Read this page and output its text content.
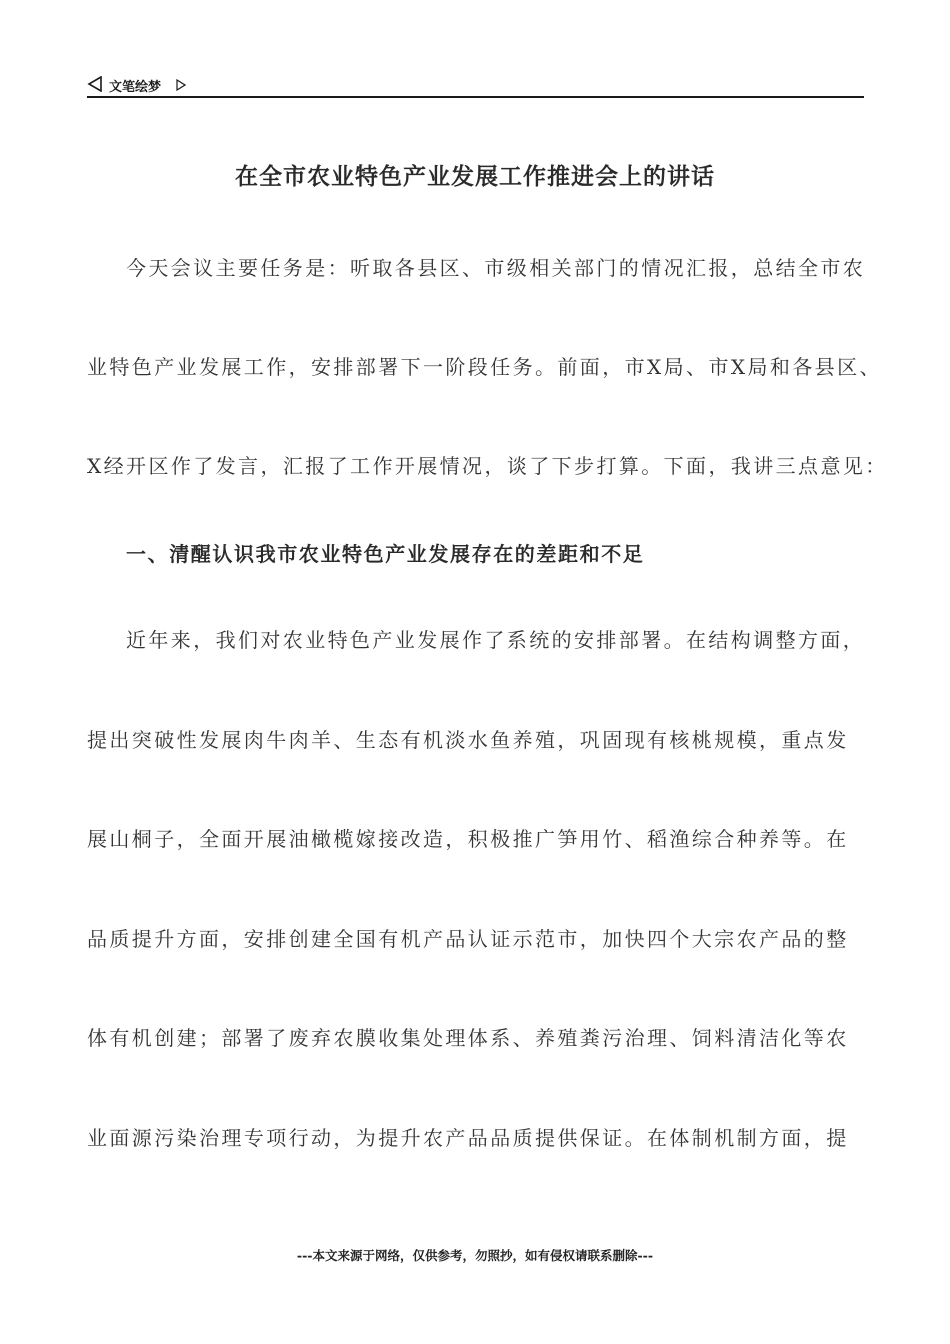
文笔绘梦
在全市农业特色产业发展工作推进会上的讲话
今天会议主要任务是：听取各县区、市级相关部门的情况汇报，总结全市农
业特色产业发展工作，安排部署下一阶段任务。前面，市X局、市X局和各县区、
X经开区作了发言，汇报了工作开展情况，谈了下步打算。下面，我讲三点意见：
一、清醒认识我市农业特色产业发展存在的差距和不足
近年来，我们对农业特色产业发展作了系统的安排部署。在结构调整方面，
提出突破性发展肉牛肉羊、生态有机淡水鱼养殖，巩固现有核桃规模，重点发
展山桐子，全面开展油橄榄嫁接改造，积极推广笋用竹、稻渔综合种养等。在
品质提升方面，安排创建全国有机产品认证示范市，加快四个大宗农产品的整
体有机创建；部署了废弃农膜收集处理体系、养殖粪污治理、饲料清洁化等农
业面源污染治理专项行动，为提升农产品品质提供保证。在体制机制方面，提
---本文来源于网络，仅供参考，勿照抄，如有侵权请联系删除---
